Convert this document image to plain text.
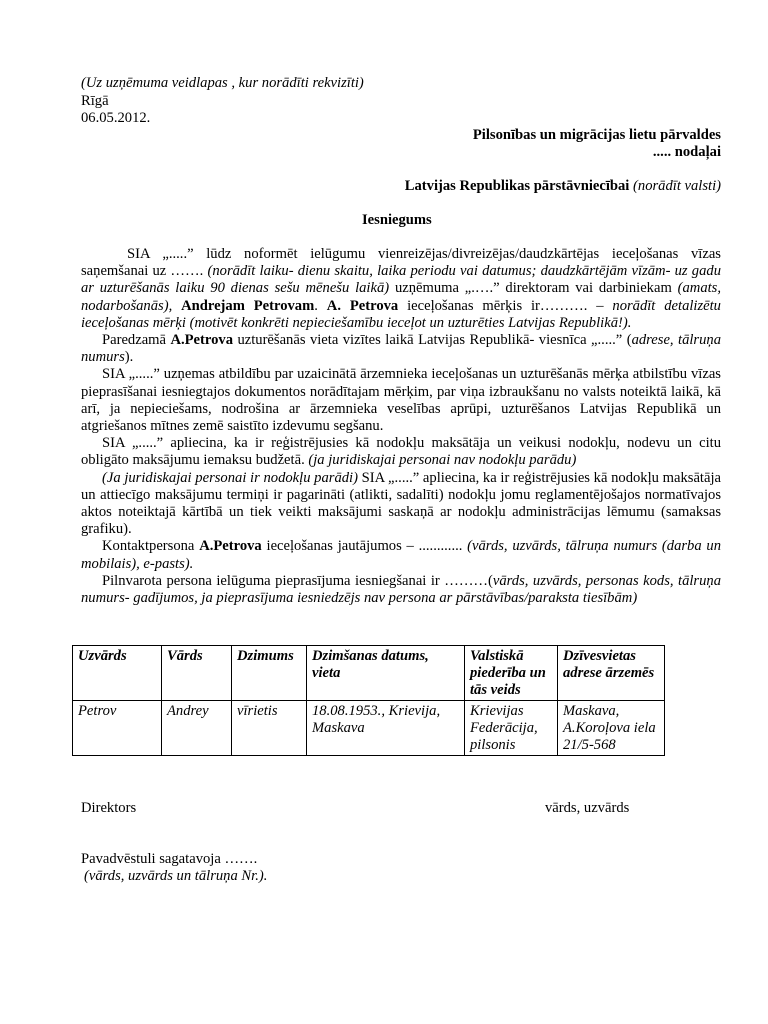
(Uz uzņēmuma veidlapas , kur norādīti rekvizīti)
Rīgā
06.05.2012.
Pilsonības un migrācijas lietu pārvaldes
..... nodaļai
Latvijas Republikas pārstāvniecībai (norādīt valsti)
Iesniegums

SIA „.....” lūdz noformēt ielūgumu vienreizējas/divreizējas/daudzkārtējas ieceļošanas vīzas saņemšanai uz ……. (norādīt laiku- dienu skaitu, laika periodu vai datumus; daudzkārtējām vīzām- uz gadu ar uzturēšanās laiku 90 dienas sešu mēnešu laikā) uzņēmuma „.….” direktoram vai darbiniekam (amats, nodarbošanās), Andrejam Petrovam. A. Petrova ieceļošanas mērķis ir………. – norādīt detalizētu ieceļošanas mērķi (motivēt konkrēti nepieciešamību ieceļot un uzturēties Latvijas Republikā!).

Paredzamā A.Petrova uzturēšanās vieta vizītes laikā Latvijas Republikā- viesnīca „.....” (adrese, tālruņa numurs).

SIA „.....” uzņemas atbildību par uzaicinātā ārzemnieka ieceļošanas un uzturēšanās mērķa atbilstību vīzas pieprasīšanai iesniegtajos dokumentos norādītajam mērķim, par viņa izbraukšanu no valsts noteiktā laikā, kā arī, ja nepieciešams, nodrošina ar ārzemnieka veselības aprūpi, uzturēšanos Latvijas Republikā un atgriešanos mītnes zemē saistīto izdevumu segšanu.

SIA „.....” apliecina, ka ir reģistrējusies kā nodokļu maksātāja un veikusi nodokļu, nodevu un citu obligāto maksājumu iemaksu budžetā. (ja juridiskajai personai nav nodokļu parādu)

(Ja juridiskajai personai ir nodokļu parādi) SIA „.....” apliecina, ka ir reģistrējusies kā nodokļu maksātāja un attiecīgo maksājumu termiņi ir pagarināti (atlikti, sadalīti) nodokļu jomu reglamentējošajos normatīvajos aktos noteiktajā kārtībā un tiek veikti maksājumi saskaņā ar nodokļu administrācijas lēmumu (samaksas grafiku).

Kontaktpersona A.Petrova ieceļošanas jautājumos – ............ (vārds, uzvārds, tālruņa numurs (darba un mobilais), e-pasts).

Pilnvarota persona ielūguma pieprasījuma iesniegšanai ir ………(vārds, uzvārds, personas kods, tālruņa numurs- gadījumos, ja pieprasījuma iesniedzējs nav persona ar pārstāvības/paraksta tiesībām)

Uzvārds	Vārds	Dzimums	Dzimšanas datums, vieta	Valstiskā piederība un tās veids	Dzīvesvietas adrese ārzemēs
Petrov	Andrey	vīrietis	18.08.1953., Krievija, Maskava	Krievijas Federācija, pilsonis	Maskava, A.Koroļova iela 21/5-568
Direktors	vārds, uzvārds
Pavadvēstuli sagatavoja …….
(vārds, uzvārds un tālruņa Nr.).
